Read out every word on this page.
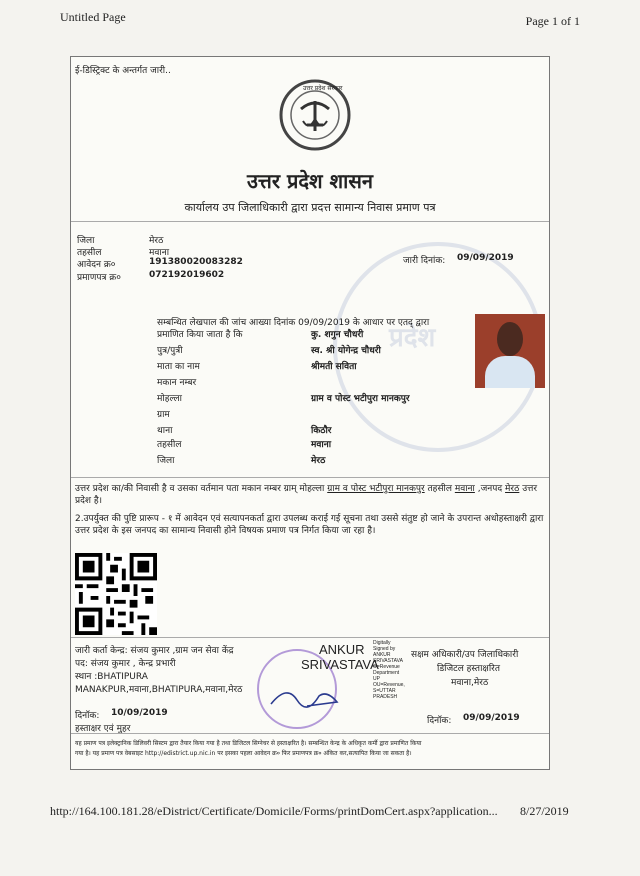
Untitled Page	Page 1 of 1
प्रदेश
ई-डिस्ट्रिक्ट के अन्तर्गत जारी..
उत्तर प्रदेश सरकार
उत्तर प्रदेश शासन
कार्यालय उप जिलाधिकारी द्वारा प्रदत्त सामान्य निवास प्रमाण पत्र
जिला	मेरठ
तहसील	मवाना
आवेदन क्र०	191380020083282
प्रमाणपत्र क्र०	072192019602
जारी दिनांक: 09/09/2019
सम्बन्धित लेखपाल की जांच आख्या दिनांक 09/09/2019 के आधार पर एतद् द्वारा
प्रमाणित किया जाता है कि	कु. शगुन चौधरी
पुत्र/पुत्री	स्व. श्री योगेन्द्र चौधरी
माता का नाम	श्रीमती सविता
मकान नम्बर
मोहल्ला	ग्राम व पोस्ट भटीपुरा मानकपुर
ग्राम
थाना	किठौर
तहसील	मवाना
जिला	मेरठ
उत्तर प्रदेश का/की निवासी है व उसका वर्तमान पता मकान नम्बर ग्राम् मोहल्ला ग्राम व पोस्ट भटीपुरा मानकपुर तहसील मवाना ,जनपद मेरठ उत्तर प्रदेश है।
2.उपर्युक्त की पुष्टि प्रारूप - १ में आवेदन एवं सत्यापनकर्ता द्वारा उपलब्ध कराई गई सूचना तथा उससे संतुष्ट हो जाने के उपरान्त अधोहस्ताक्षरी द्वारा उत्तर प्रदेश के इस जनपद का सामान्य निवासी होने विषयक प्रमाण पत्र निर्गत किया जा रहा है।
जारी कर्ता केन्द्र: संजय कुमार ,ग्राम जन सेवा केंद्र
पद: संजय कुमार , केन्द्र प्रभारी
स्थान :BHATIPURA
MANAKPUR,मवाना,BHATIPURA,मवाना,मेरठ
दिनॉक: 10/09/2019
हस्ताक्षर एवं मुहर
ANKUR
SRIVASTAVA
Digitally
Signed by
ANKUR
SRIVASTAVA
O=Revenue
Department
UP
OU=Revenue,
S=UTTAR
PRADESH
सक्षम अधिकारी/उप जिलाधिकारी
डिजिटल हस्ताक्षरित
मवाना,मेरठ
दिनॉक: 09/09/2019
यह प्रमाण पत्र इलेक्ट्रानिक डिलिवरी सिस्टम द्वारा तैयार किया गया है तथा डिजिटल सिग्नेचर से हस्ताक्षरित है। सम्बन्धित केन्द्र के अधिकृत कर्मी द्वारा प्रमाणित किया
गया है। यह प्रमाण पत्र वेबसाइट http://edistrict.up.nic.in पर इसका पहला आवेदन क्र० फिर प्रमाणपत्र क्र० अंकित कर,सत्यापित किया जा सकता है।
http://164.100.181.28/eDistrict/Certificate/Domicile/Forms/printDomCert.aspx?application... 8/27/2019
